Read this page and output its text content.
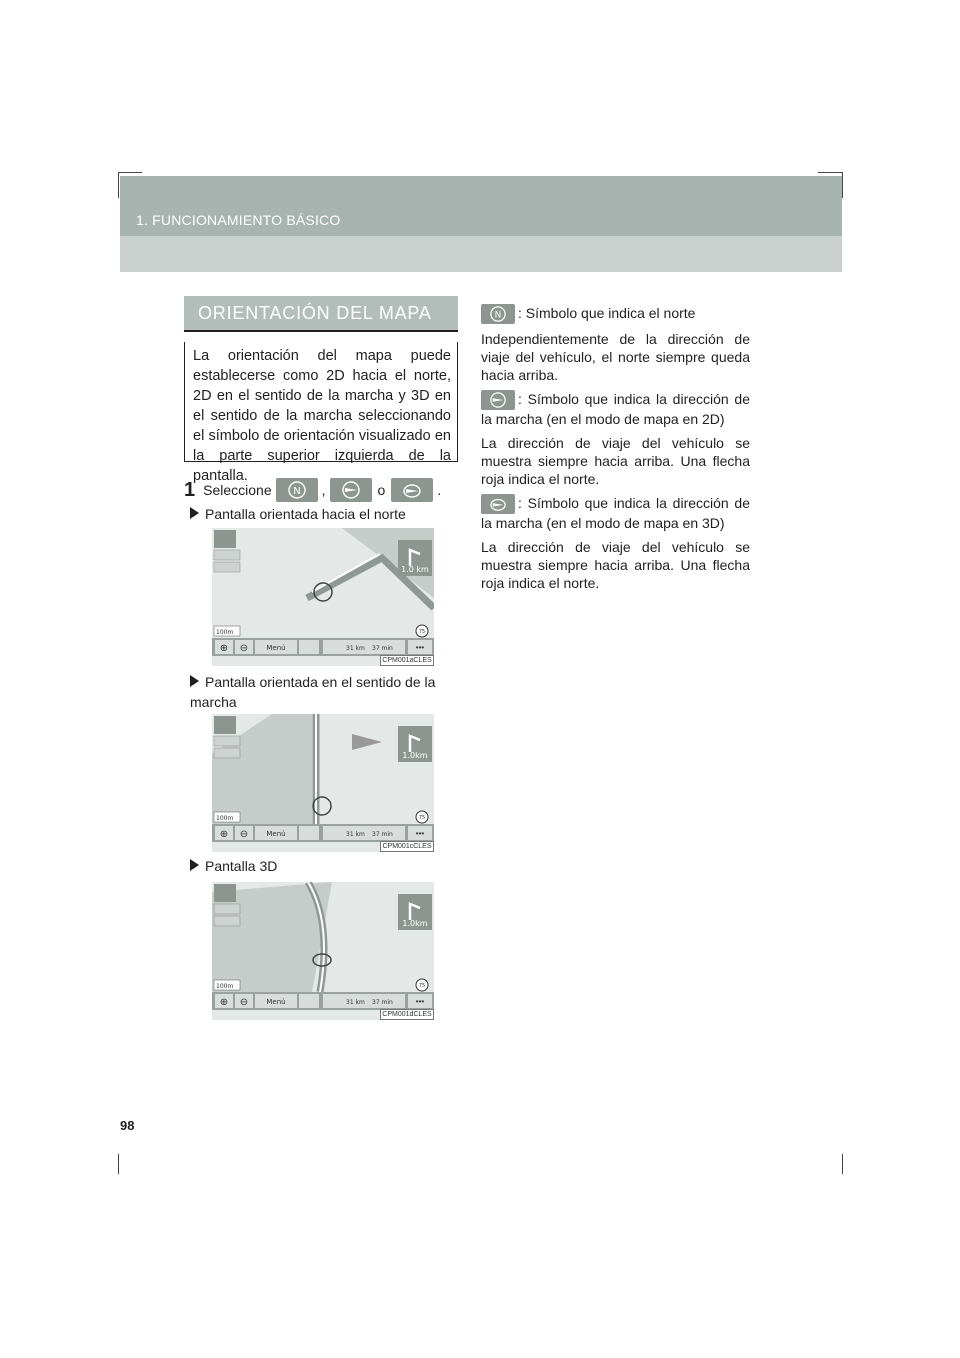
1. FUNCIONAMIENTO BÁSICO
ORIENTACIÓN DEL MAPA

La orientación del mapa puede establecerse como 2D hacia el norte, 2D en el sentido de la marcha y 3D en el sentido de la marcha seleccionando el símbolo de orientación visualizado en la parte superior izquierda de la pantalla.

1 Seleccione N ,	o	.
Pantalla orientada hacia el norte
1.0 km
100m	75
⊕ ⊖	Menú	31 km 37 min	•••
CPM001aCLES
Pantalla orientada en el sentido de la marcha
1.0km
100m	75
⊕ ⊖	Menú	31 km 37 min	•••
CPM001cCLES
Pantalla 3D
1.0km
100m	75
⊕ ⊖	Menú	31 km 37 min	•••
CPM001dCLES

N : Símbolo que indica el norte

Independientemente de la dirección de viaje del vehículo, el norte siempre queda hacia arriba.

: Símbolo que indica la dirección de la marcha (en el modo de mapa en 2D)

La dirección de viaje del vehículo se muestra siempre hacia arriba. Una flecha roja indica el norte.

: Símbolo que indica la dirección de la marcha (en el modo de mapa en 3D)

La dirección de viaje del vehículo se muestra siempre hacia arriba. Una flecha roja indica el norte.

98
